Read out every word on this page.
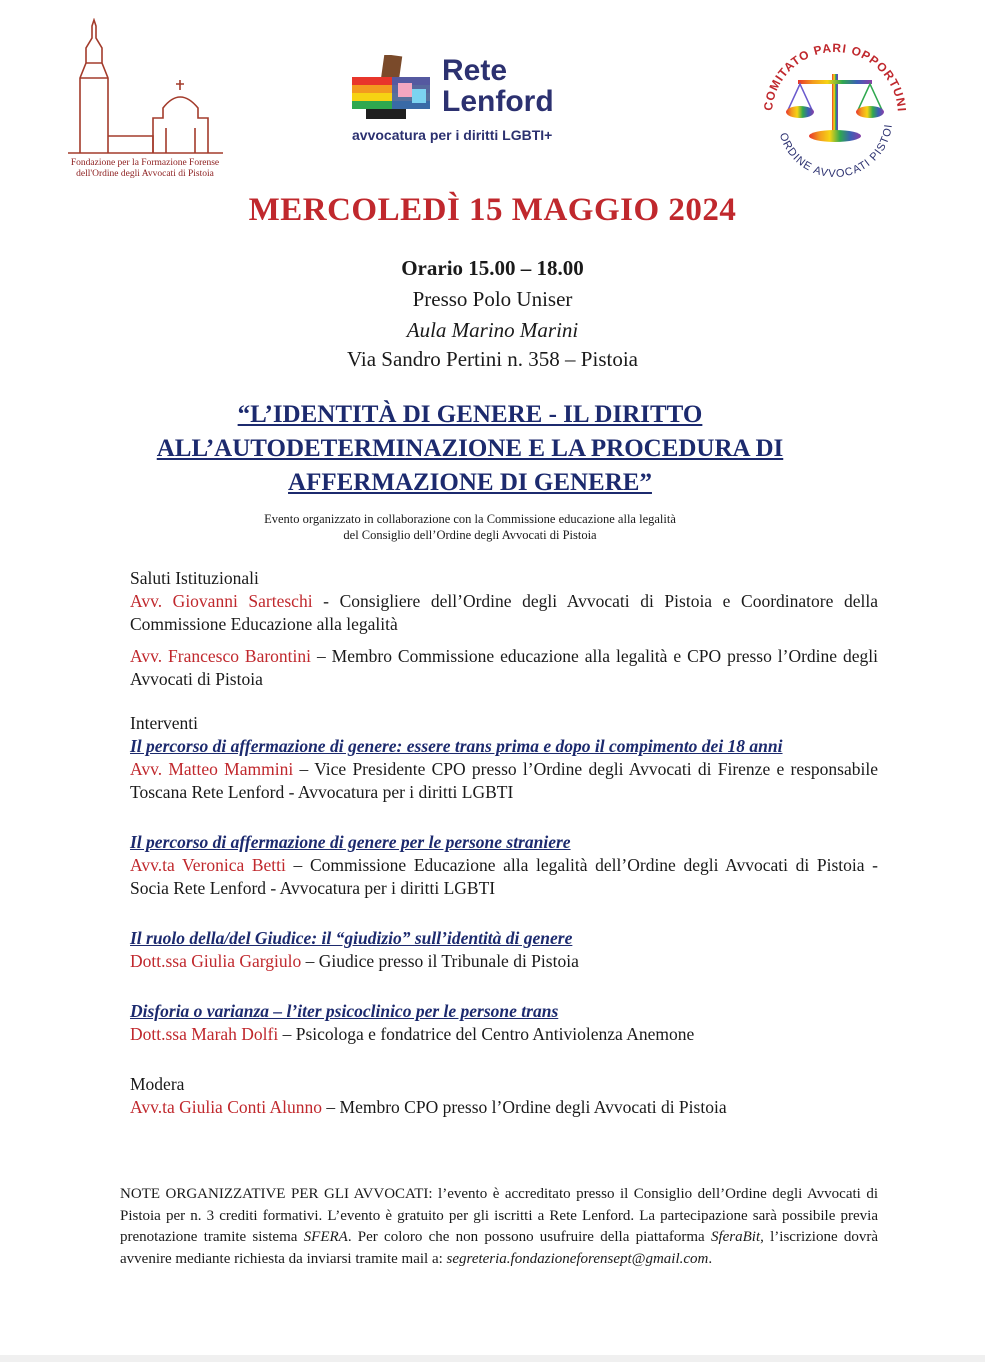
Fondazione per la Formazione Forense
dell'Ordine degli Avvocati di Pistoia
Rete
Lenford
avvocatura per i diritti LGBTI+
COMITATO PARI OPPORTUNI
ORDINE AVVOCATI PISTOI
MERCOLEDÌ 15 MAGGIO 2024
Orario 15.00 – 18.00
Presso Polo Uniser
Aula Marino Marini
Via Sandro Pertini n. 358 – Pistoia
“L’IDENTITÀ DI GENERE - IL DIRITTO
ALL’AUTODETERMINAZIONE E LA PROCEDURA DI
AFFERMAZIONE DI GENERE”
Evento organizzato in collaborazione con la Commissione educazione alla legalità
del Consiglio dell’Ordine degli Avvocati di Pistoia

Saluti Istituzionali

Avv. Giovanni Sarteschi - Consigliere dell’Ordine degli Avvocati di Pistoia e Coordinatore della Commissione Educazione alla legalità

Avv. Francesco Barontini – Membro Commissione educazione alla legalità e CPO presso l’Ordine degli Avvocati di Pistoia

Interventi

Il percorso di affermazione di genere: essere trans prima e dopo il compimento dei 18 anni

Avv. Matteo Mammini – Vice Presidente CPO presso l’Ordine degli Avvocati di Firenze e responsabile Toscana Rete Lenford - Avvocatura per i diritti LGBTI

Il percorso di affermazione di genere per le persone straniere

Avv.ta Veronica Betti – Commissione Educazione alla legalità dell’Ordine degli Avvocati di Pistoia - Socia Rete Lenford - Avvocatura per i diritti LGBTI

Il ruolo della/del Giudice: il “giudizio” sull’identità di genere

Dott.ssa Giulia Gargiulo – Giudice presso il Tribunale di Pistoia

Disforia o varianza – l’iter psicoclinico per le persone trans

Dott.ssa Marah Dolfi – Psicologa e fondatrice del Centro Antiviolenza Anemone

Modera

Avv.ta Giulia Conti Alunno – Membro CPO presso l’Ordine degli Avvocati di Pistoia

NOTE ORGANIZZATIVE PER GLI AVVOCATI: l’evento è accreditato presso il Consiglio dell’Ordine degli Avvocati di Pistoia per n. 3 crediti formativi. L’evento è gratuito per gli iscritti a Rete Lenford. La partecipazione sarà possibile previa prenotazione tramite sistema SFERA. Per coloro che non possono usufruire della piattaforma SferaBit, l’iscrizione dovrà avvenire mediante richiesta da inviarsi tramite mail a: segreteria.fondazioneforensept@gmail.com.
